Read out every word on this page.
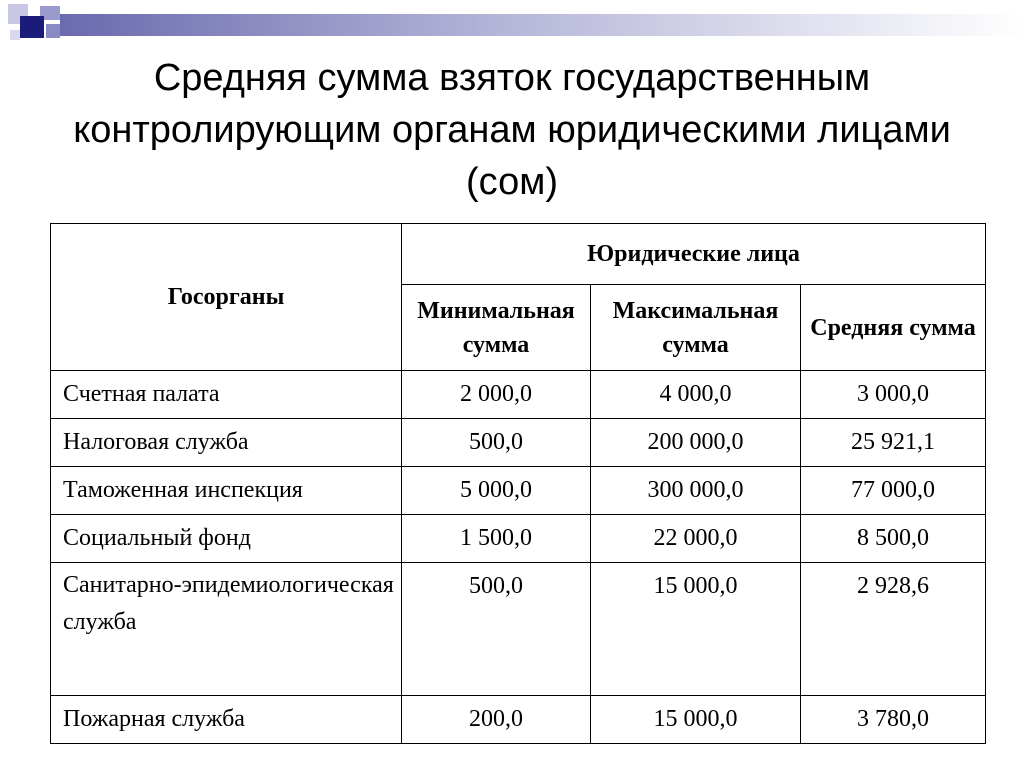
Средняя сумма взяток государственным контролирующим органам юридическими лицами (сом)
Госорганы	Юридические лица		
	Минимальная сумма	Максимальная сумма	Средняя сумма
Счетная палата	2 000,0	4 000,0	3 000,0
Налоговая служба	500,0	200 000,0	25 921,1
Таможенная инспекция	5 000,0	300 000,0	77 000,0
Социальный фонд	1 500,0	22 000,0	8 500,0
Санитарно-эпидемиологическая служба	500,0	15 000,0	2 928,6
Пожарная служба	200,0	15 000,0	3 780,0
